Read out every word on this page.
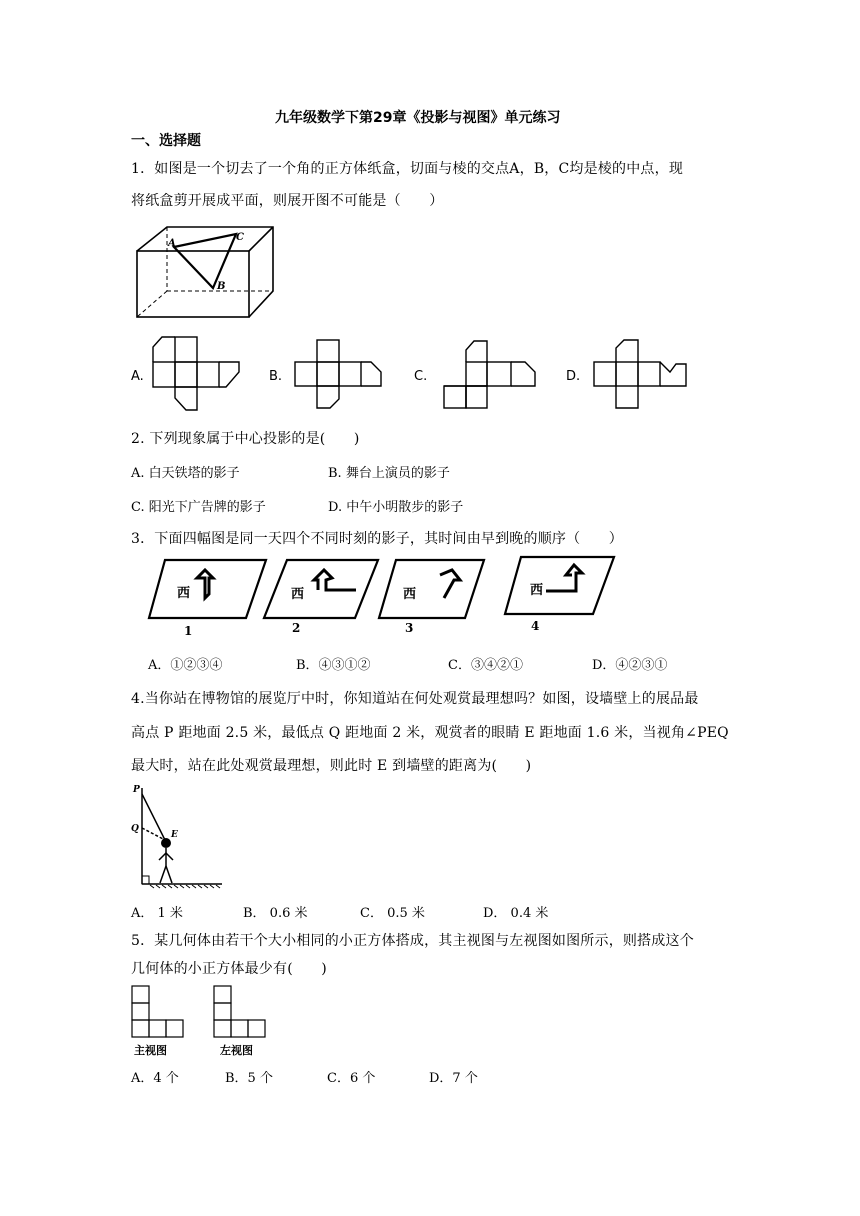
九年级数学下第29章《投影与视图》单元练习
一、选择题
1．如图是一个切去了一个角的正方体纸盒，切面与棱的交点A，B，C均是棱的中点，现
将纸盒剪开展成平面，则展开图不可能是（　　）
A
C
B
A.	B.	C.	D.
2. 下列现象属于中心投影的是(　　)
A. 白天铁塔的影子	B. 舞台上演员的影子
C. 阳光下广告牌的影子	D. 中午小明散步的影子
3．下面四幅图是同一天四个不同时刻的影子，其时间由早到晚的顺序（　　）
西	西	西	西
1	2	3	4
A．①②③④	B．④③①②	C．③④②①	D．④②③①
4.当你站在博物馆的展览厅中时，你知道站在何处观赏最理想吗？如图，设墙壁上的展品最
高点 P 距地面 2.5 米，最低点 Q 距地面 2 米，观赏者的眼睛 E 距地面 1.6 米，当视角∠PEQ
最大时，站在此处观赏最理想，则此时 E 到墙壁的距离为(　　)
P
Q
E
A． 1 米	B． 0.6 米	C． 0.5 米	D． 0.4 米
5．某几何体由若干个大小相同的小正方体搭成，其主视图与左视图如图所示，则搭成这个
几何体的小正方体最少有(　　)
主视图	左视图
A．4 个	B．5 个	C．6 个	D．7 个
